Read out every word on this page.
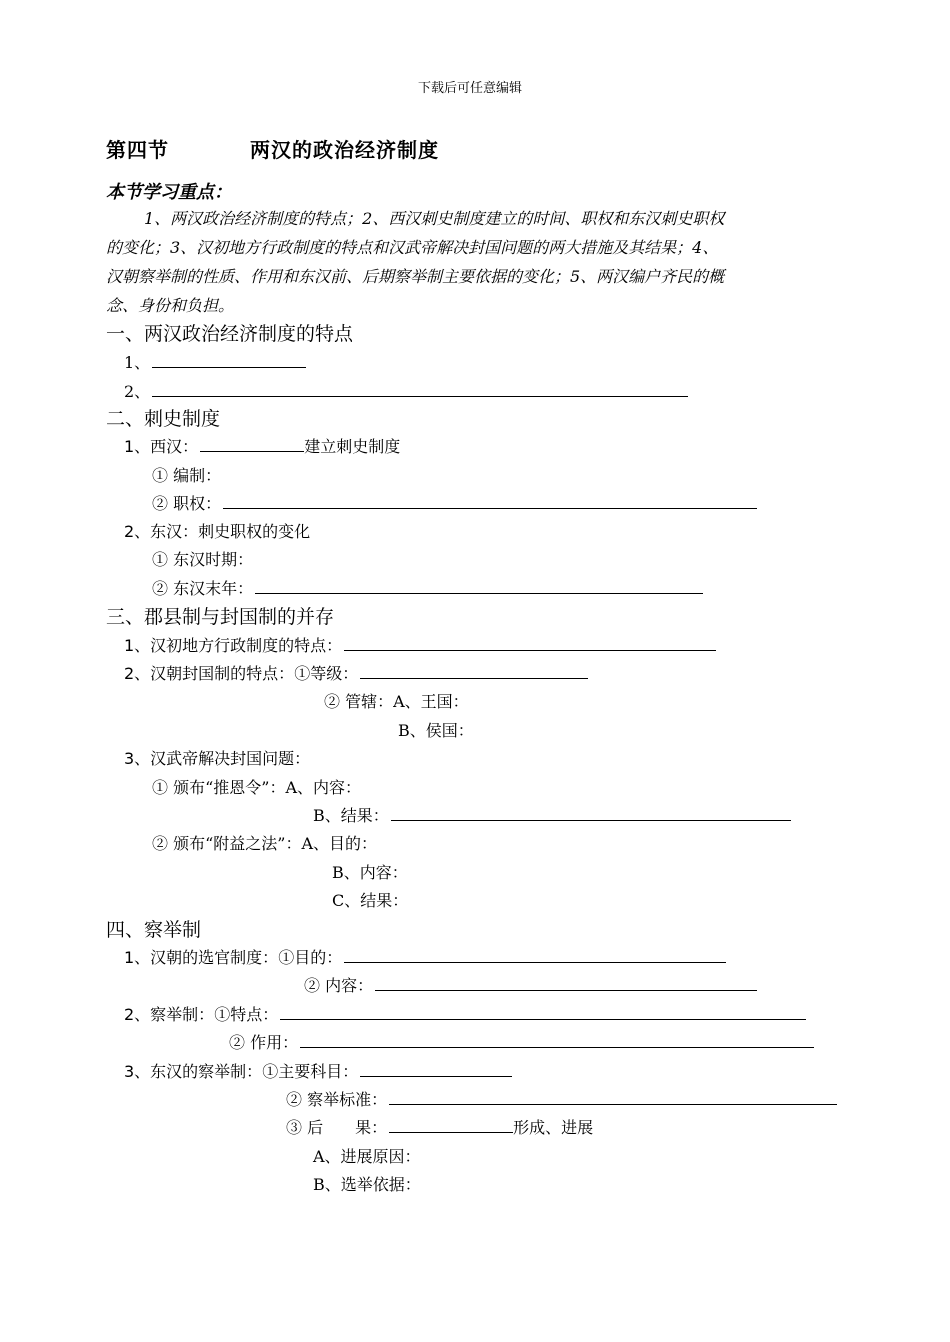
下载后可任意编辑
第四节	两汉的政治经济制度
本节学习重点：
1、两汉政治经济制度的特点；2、西汉刺史制度建立的时间、职权和东汉刺史职权
的变化；3、汉初地方行政制度的特点和汉武帝解决封国问题的两大措施及其结果；4、
汉朝察举制的性质、作用和东汉前、后期察举制主要依据的变化；5、两汉编户齐民的概
念、身份和负担。
一、两汉政治经济制度的特点
1、
2、
二、刺史制度
1、西汉：	建立刺史制度
① 编制：
② 职权：
2、东汉：刺史职权的变化
① 东汉时期：
② 东汉末年：
三、郡县制与封国制的并存
1、汉初地方行政制度的特点：
2、汉朝封国制的特点：①等级：
② 管辖：A、王国：
B、侯国：
3、汉武帝解决封国问题：
① 颁布“推恩令”：A、内容：
B、结果：
② 颁布“附益之法”：A、目的：
B、内容：
C、结果：
四、察举制
1、汉朝的选官制度：①目的：
② 内容：
2、察举制：①特点：
② 作用：
3、东汉的察举制：①主要科目：
② 察举标准：
③ 后　　果：	形成、进展
A、进展原因：
B、选举依据：
